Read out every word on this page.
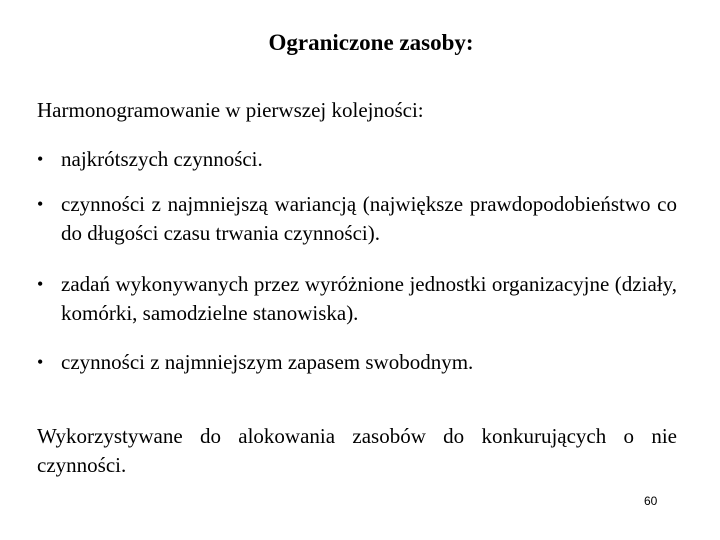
Ograniczone zasoby:
Harmonogramowanie w pierwszej kolejności:
• najkrótszych czynności.
• czynności z najmniejszą wariancją (największe prawdopodobieństwo co do długości czasu trwania czynności).
• zadań wykonywanych przez wyróżnione jednostki organizacyjne (działy, komórki, samodzielne stanowiska).
• czynności z najmniejszym zapasem swobodnym.
Wykorzystywane do alokowania zasobów do konkurujących o nie czynności.
60
